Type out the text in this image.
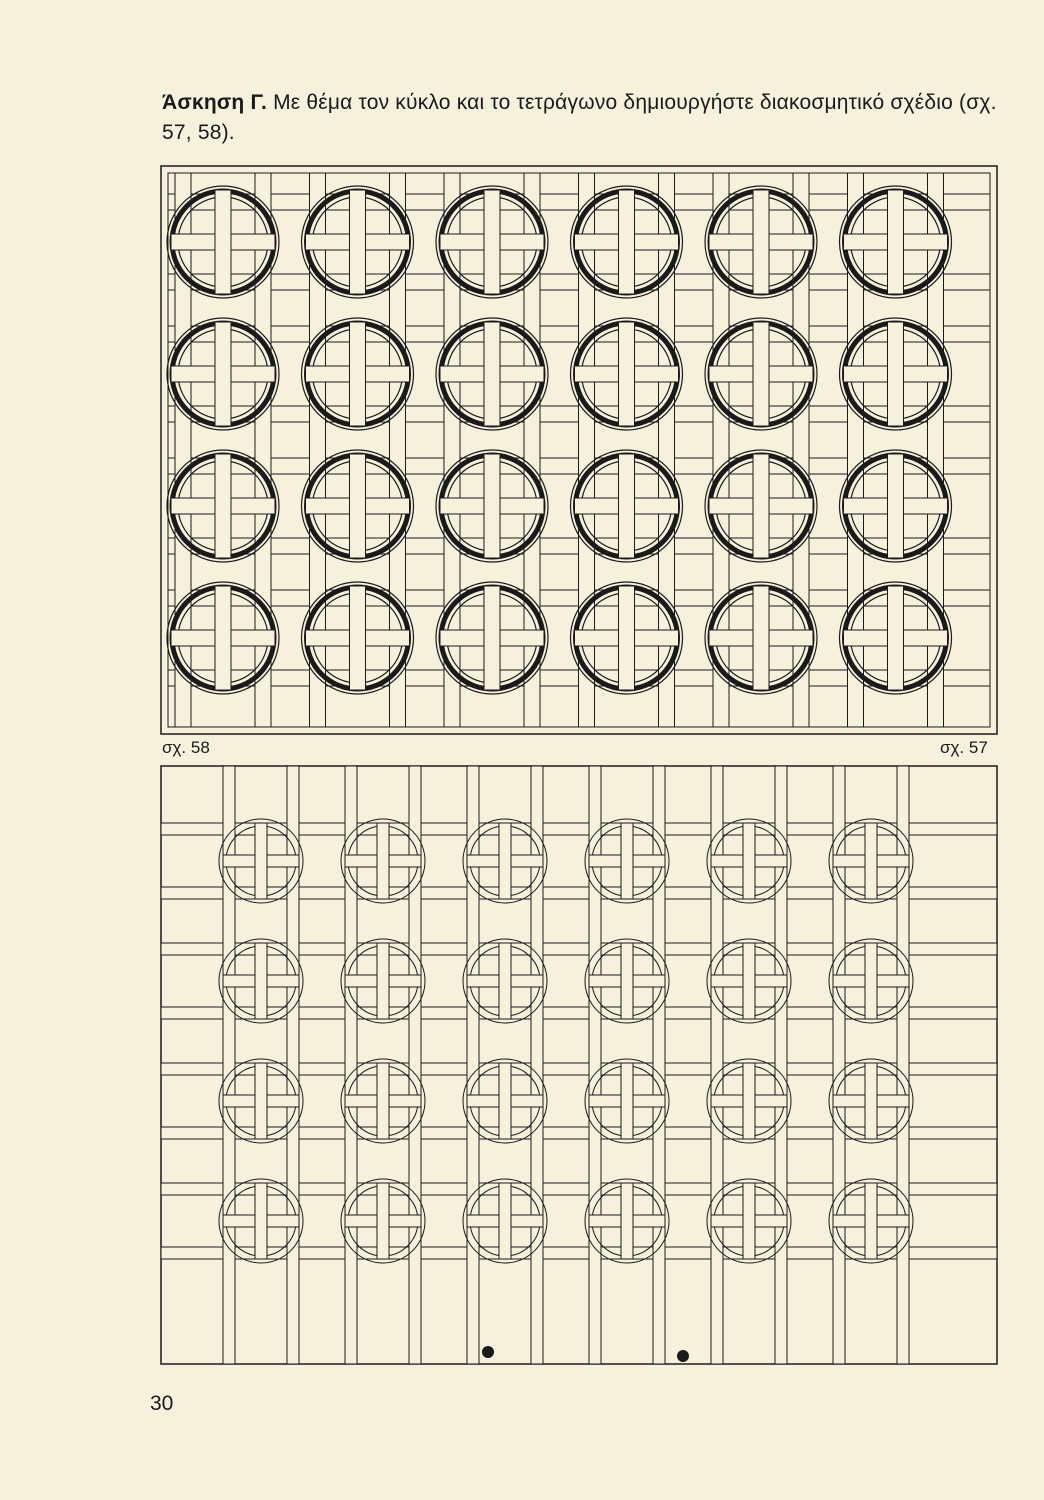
Άσκηση Γ. Με θέμα τον κύκλο και το τετράγωνο δημιουργήστε διακοσμητικό σχέδιο (σχ. 57, 58).
σχ. 58	σχ. 57
30
